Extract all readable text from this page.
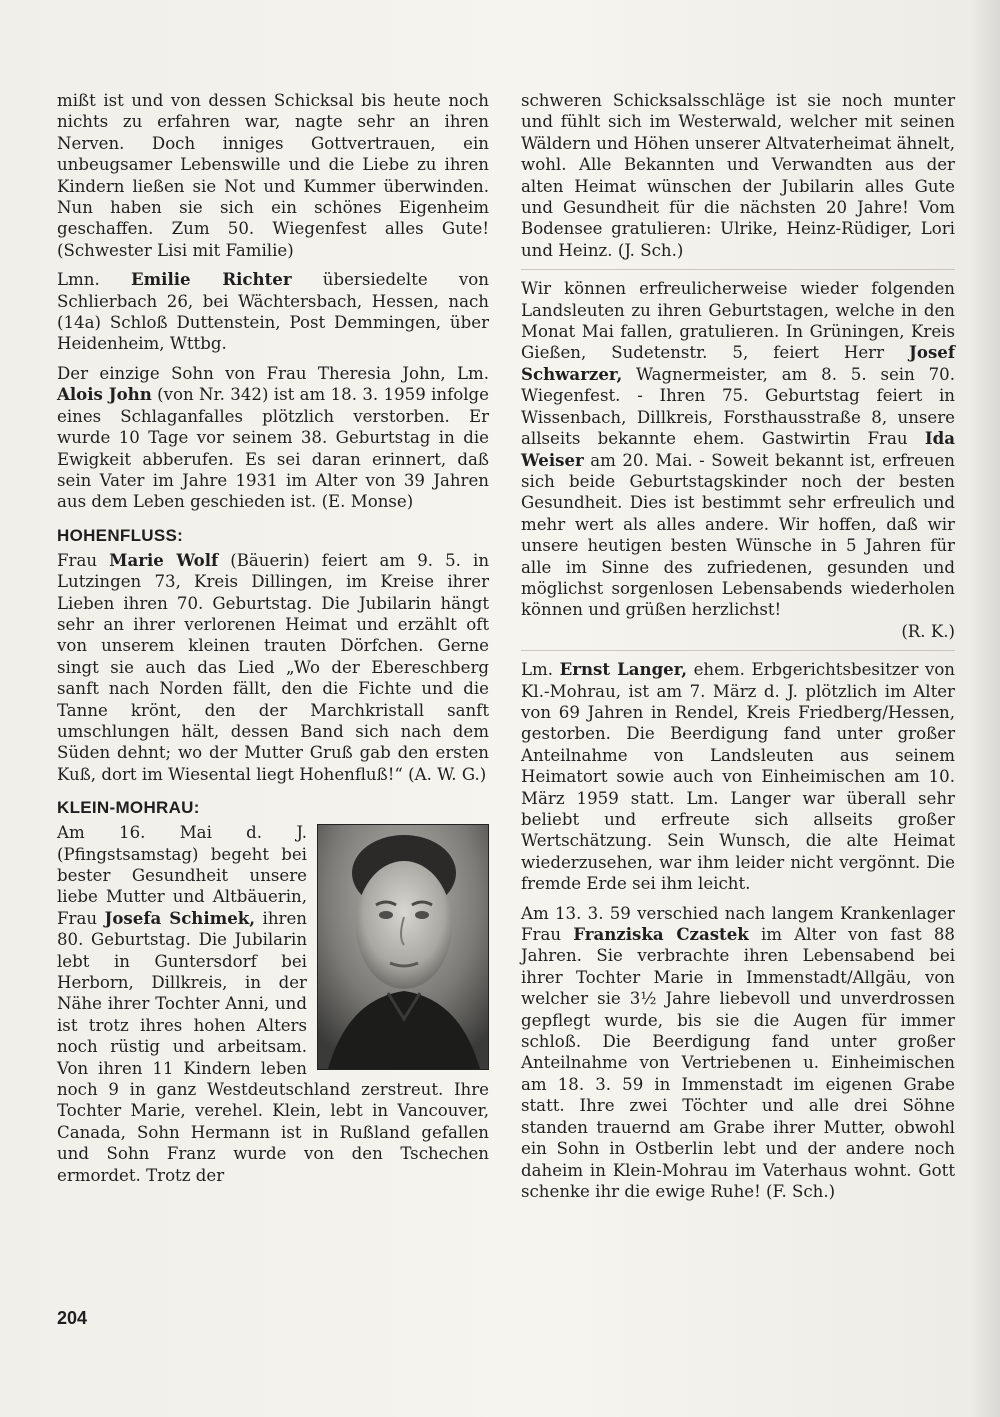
mißt ist und von dessen Schicksal bis heute noch nichts zu erfahren war, nagte sehr an ihren Nerven. Doch inniges Gottvertrauen, ein unbeugsamer Lebenswille und die Liebe zu ihren Kindern ließen sie Not und Kummer überwinden. Nun haben sie sich ein schönes Eigenheim geschaffen. Zum 50. Wiegenfest alles Gute! (Schwester Lisi mit Familie)

Lmn. Emilie Richter übersiedelte von Schlierbach 26, bei Wächtersbach, Hessen, nach (14a) Schloß Duttenstein, Post Demmingen, über Heidenheim, Wttbg.

Der einzige Sohn von Frau Theresia John, Lm. Alois John (von Nr. 342) ist am 18. 3. 1959 infolge eines Schlaganfalles plötzlich verstorben. Er wurde 10 Tage vor seinem 38. Geburtstag in die Ewigkeit abberufen. Es sei daran erinnert, daß sein Vater im Jahre 1931 im Alter von 39 Jahren aus dem Leben geschieden ist. (E. Monse)

HOHENFLUSS:

Frau Marie Wolf (Bäuerin) feiert am 9. 5. in Lutzingen 73, Kreis Dillingen, im Kreise ihrer Lieben ihren 70. Geburtstag. Die Jubilarin hängt sehr an ihrer verlorenen Heimat und erzählt oft von unserem kleinen trauten Dörfchen. Gerne singt sie auch das Lied „Wo der Ebereschberg sanft nach Norden fällt, den die Fichte und die Tanne krönt, den der Marchkristall sanft umschlungen hält, dessen Band sich nach dem Süden dehnt; wo der Mutter Gruß gab den ersten Kuß, dort im Wiesental liegt Hohenfluß!“ (A. W. G.)

KLEIN-MOHRAU:

Am 16. Mai d. J. (Pfingstsamstag) begeht bei bester Gesundheit unsere liebe Mutter und Altbäuerin, Frau Josefa Schimek, ihren 80. Geburtstag. Die Jubilarin lebt in Guntersdorf bei Herborn, Dillkreis, in der Nähe ihrer Tochter Anni, und ist trotz ihres hohen Alters noch rüstig und arbeitsam. Von ihren 11 Kindern leben noch 9 in ganz Westdeutschland zerstreut. Ihre Tochter Marie, verehel. Klein, lebt in Vancouver, Canada, Sohn Hermann ist in Rußland gefallen und Sohn Franz wurde von den Tschechen ermordet. Trotz der

schweren Schicksalsschläge ist sie noch munter und fühlt sich im Westerwald, welcher mit seinen Wäldern und Höhen unserer Altvaterheimat ähnelt, wohl. Alle Bekannten und Verwandten aus der alten Heimat wünschen der Jubilarin alles Gute und Gesundheit für die nächsten 20 Jahre! Vom Bodensee gratulieren: Ulrike, Heinz-Rüdiger, Lori und Heinz. (J. Sch.)

Wir können erfreulicherweise wieder folgenden Landsleuten zu ihren Geburtstagen, welche in den Monat Mai fallen, gratulieren. In Grüningen, Kreis Gießen, Sudetenstr. 5, feiert Herr Josef Schwarzer, Wagnermeister, am 8. 5. sein 70. Wiegenfest. - Ihren 75. Geburtstag feiert in Wissenbach, Dillkreis, Forsthausstraße 8, unsere allseits bekannte ehem. Gastwirtin Frau Ida Weiser am 20. Mai. - Soweit bekannt ist, erfreuen sich beide Geburtstagskinder noch der besten Gesundheit. Dies ist bestimmt sehr erfreulich und mehr wert als alles andere. Wir hoffen, daß wir unsere heutigen besten Wünsche in 5 Jahren für alle im Sinne des zufriedenen, gesunden und möglichst sorgenlosen Lebensabends wiederholen können und grüßen herzlichst!
(R. K.)

Lm. Ernst Langer, ehem. Erbgerichtsbesitzer von Kl.-Mohrau, ist am 7. März d. J. plötzlich im Alter von 69 Jahren in Rendel, Kreis Friedberg/Hessen, gestorben. Die Beerdigung fand unter großer Anteilnahme von Landsleuten aus seinem Heimatort sowie auch von Einheimischen am 10. März 1959 statt. Lm. Langer war überall sehr beliebt und erfreute sich allseits großer Wertschätzung. Sein Wunsch, die alte Heimat wiederzusehen, war ihm leider nicht vergönnt. Die fremde Erde sei ihm leicht.

Am 13. 3. 59 verschied nach langem Krankenlager Frau Franziska Czastek im Alter von fast 88 Jahren. Sie verbrachte ihren Lebensabend bei ihrer Tochter Marie in Immenstadt/Allgäu, von welcher sie 3½ Jahre liebevoll und unverdrossen gepflegt wurde, bis sie die Augen für immer schloß. Die Beerdigung fand unter großer Anteilnahme von Vertriebenen u. Einheimischen am 18. 3. 59 in Immenstadt im eigenen Grabe statt. Ihre zwei Töchter und alle drei Söhne standen trauernd am Grabe ihrer Mutter, obwohl ein Sohn in Ostberlin lebt und der andere noch daheim in Klein-Mohrau im Vaterhaus wohnt. Gott schenke ihr die ewige Ruhe! (F. Sch.)

204
